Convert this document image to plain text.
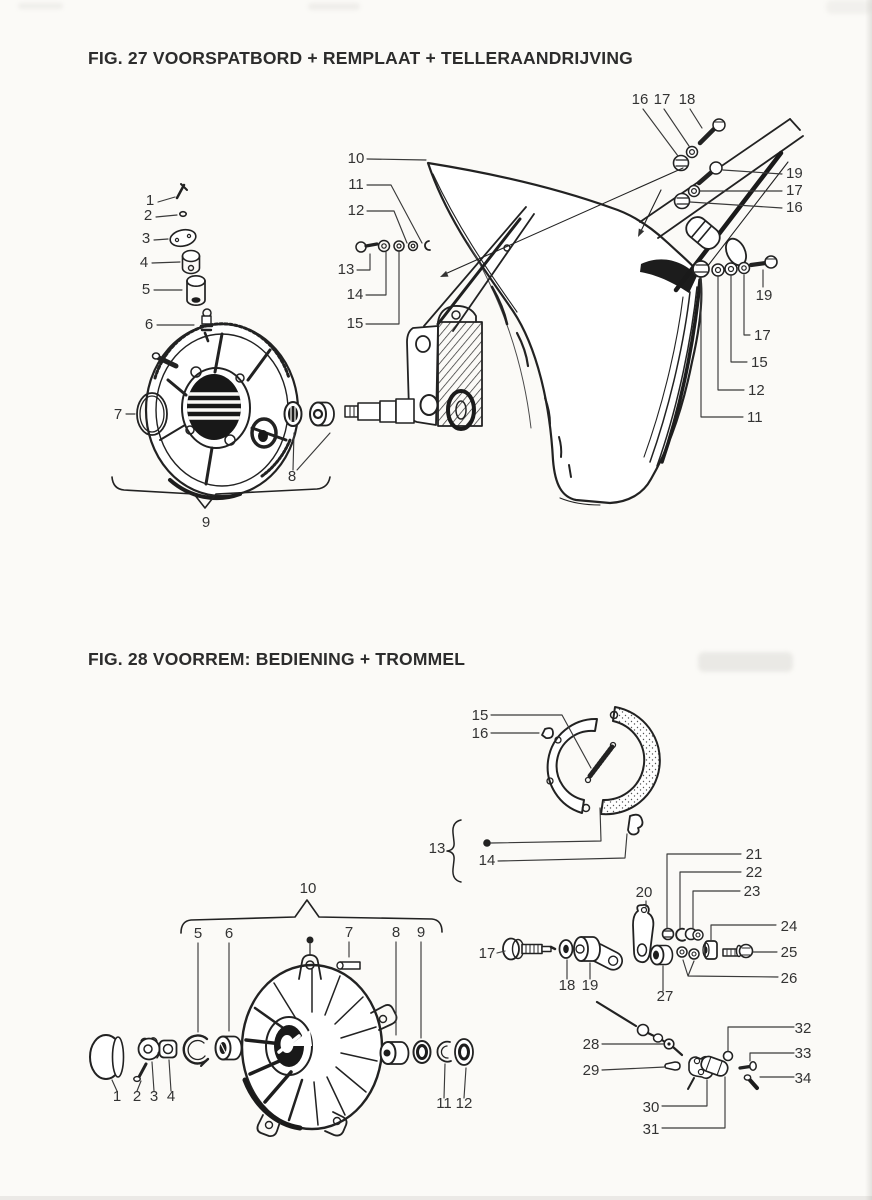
FIG. 27 VOORSPATBORD + REMPLAAT + TELLERAANDRIJVING
FIG. 28 VOORREM: BEDIENING + TROMMEL
1
2
3
4
5
6
7
8
9
10
11
12
13
14
15
16 17 18
19
17
16
19
17
15
12
11
15
16
13
14
10
5 6	7	8 9
1 2 3 4	11 12
17
18 19
20
27
21
22
23
24
25
26
28
29
30
31
32
33
34
